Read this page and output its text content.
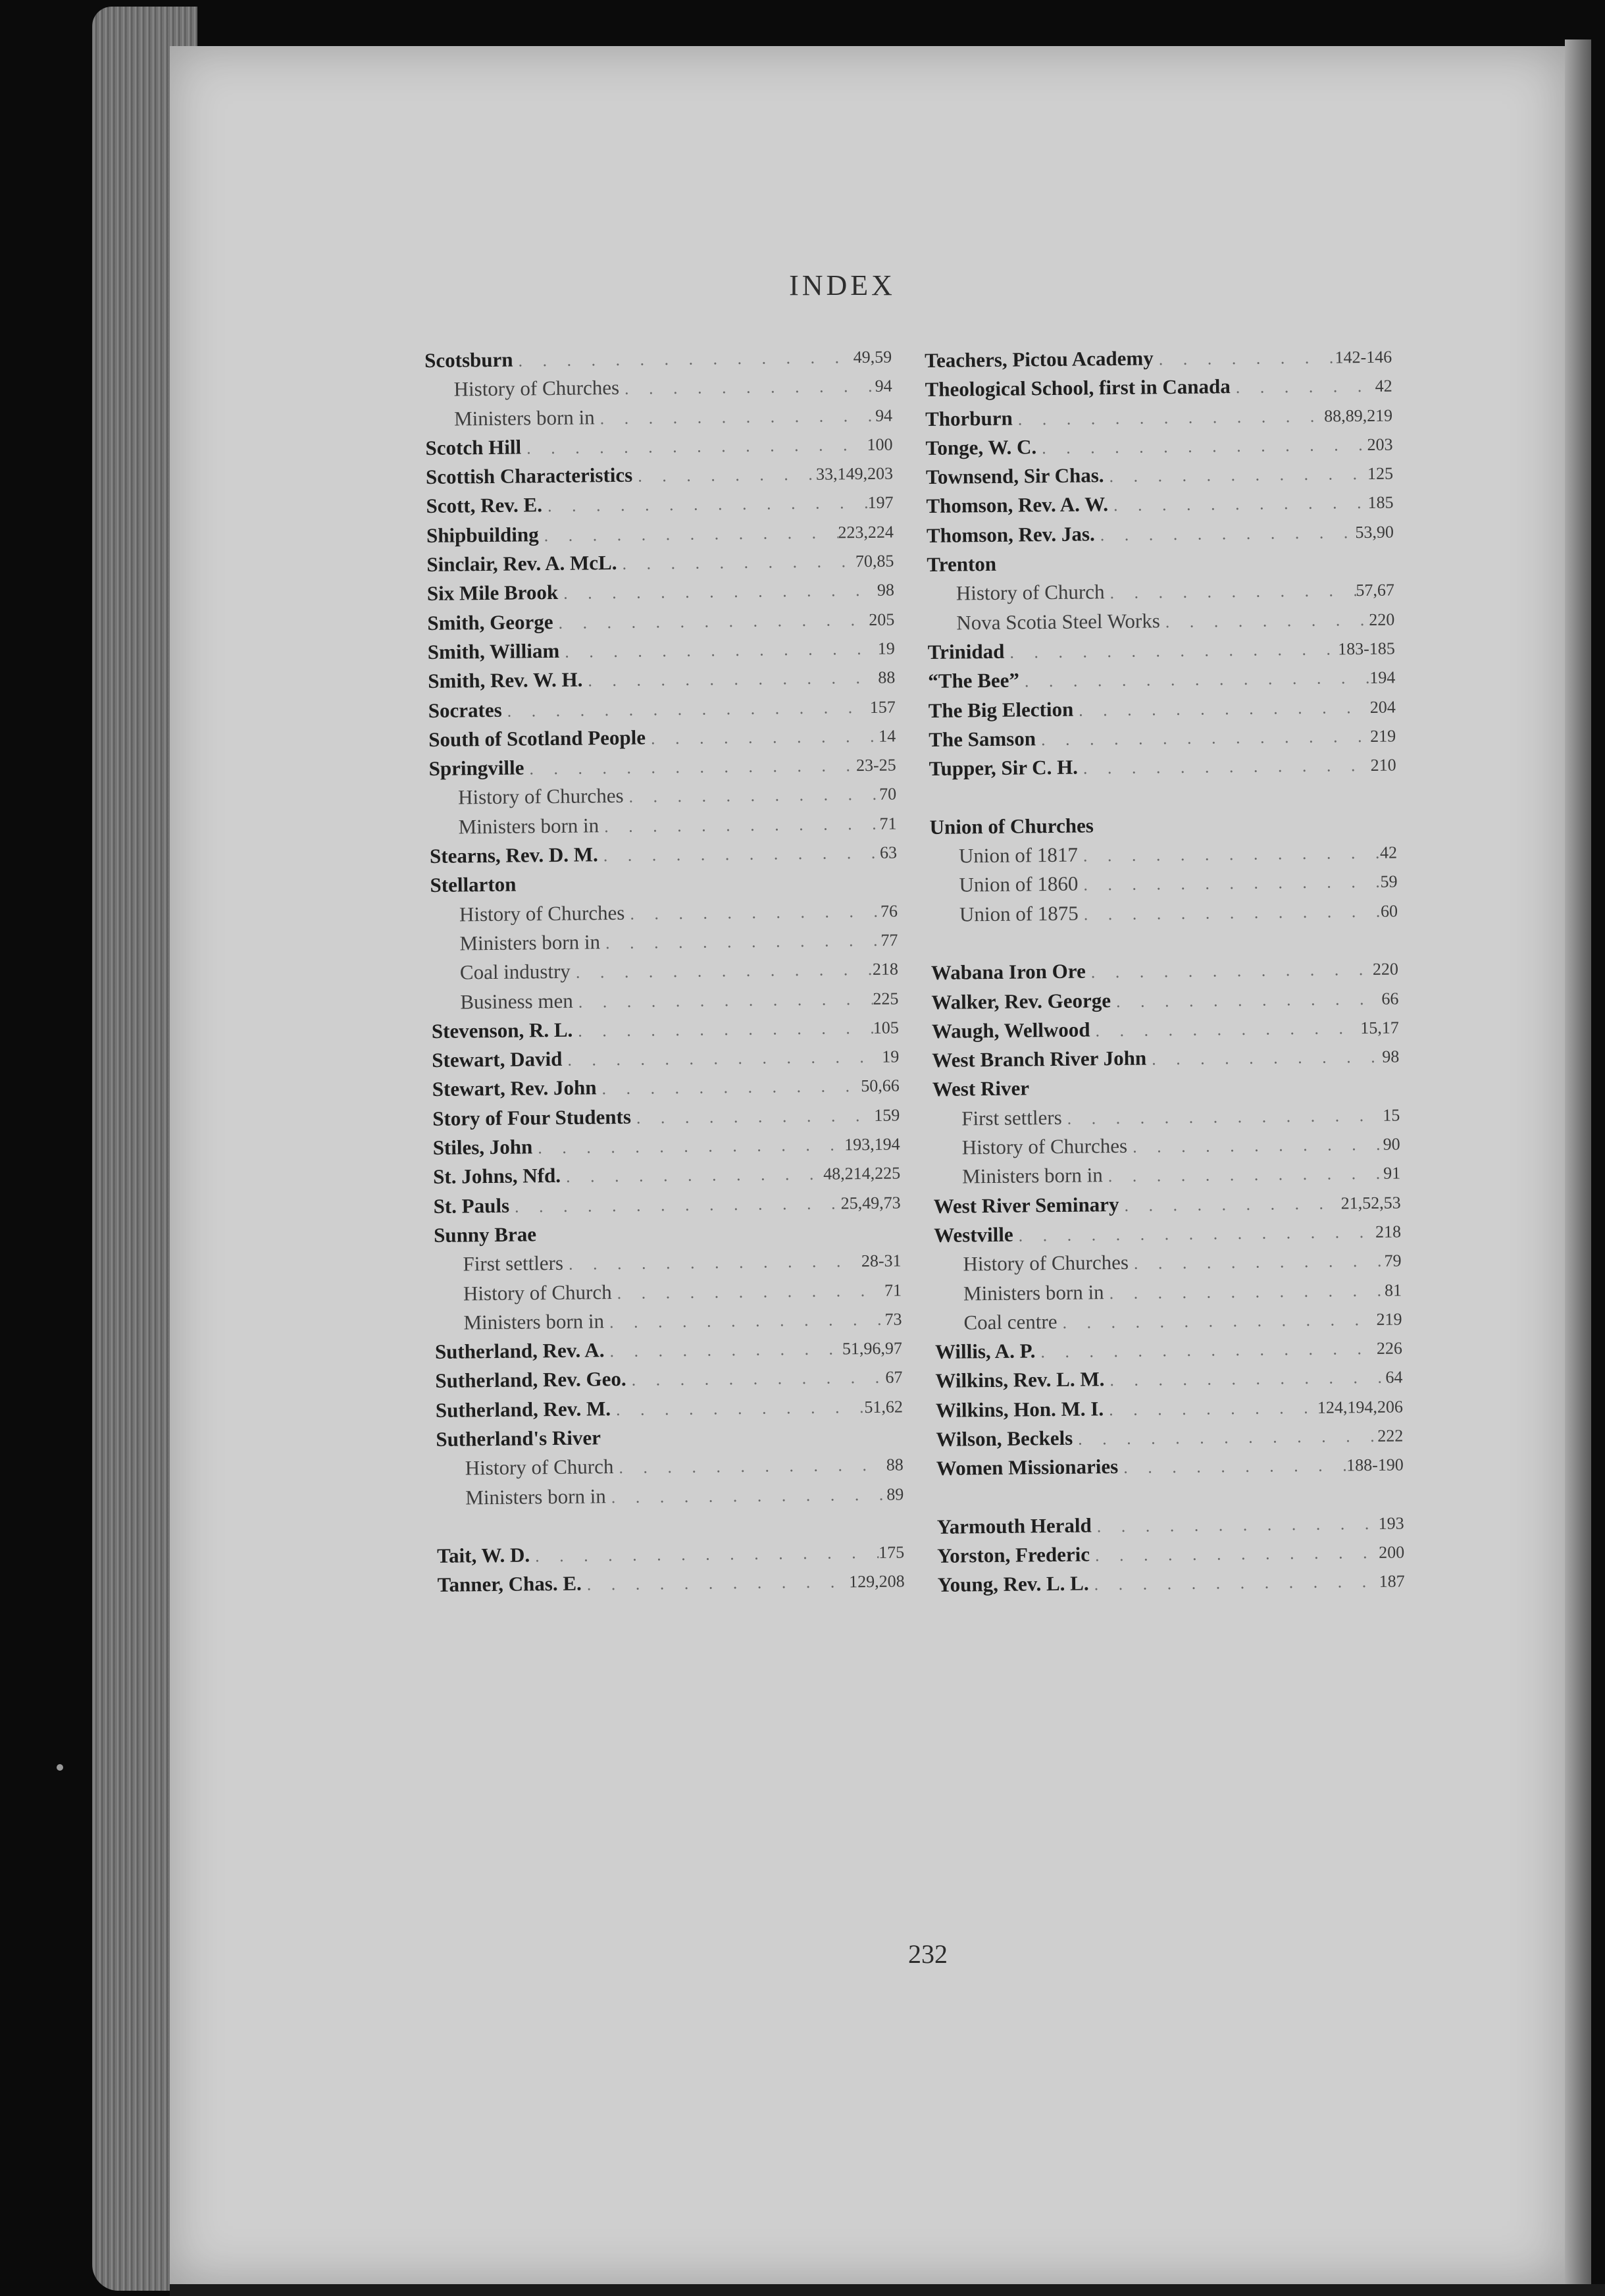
INDEX
Scotsburn . . .	49,59
History of Churches . . .	94
Ministers born in . . .	94
Scotch Hill . . .	100
Scottish Characteristics . . .	33,149,203
Scott, Rev. E. . . .	197
Shipbuilding . . .	223,224
Sinclair, Rev. A. McL. . . .	70,85
Six Mile Brook . . .	98
Smith, George . . .	205
Smith, William . . .	19
Smith, Rev. W. H. . . .	88
Socrates . . .	157
South of Scotland People . . .	14
Springville . . .	23-25
History of Churches . . .	70
Ministers born in . . .	71
Stearns, Rev. D. M. . . .	63
Stellarton
History of Churches . . .	76
Ministers born in . . .	77
Coal industry . . .	218
Business men . . .	225
Stevenson, R. L. . . .	105
Stewart, David . . .	19
Stewart, Rev. John . . .	50,66
Story of Four Students . . .	159
Stiles, John . . .	193,194
St. Johns, Nfd. . . .	48,214,225
St. Pauls . . .	25,49,73
Sunny Brae
First settlers . . .	28-31
History of Church . . .	71
Ministers born in . . .	73
Sutherland, Rev. A. . . .	51,96,97
Sutherland, Rev. Geo. . . .	67
Sutherland, Rev. M. . . .	51,62
Sutherland's River
History of Church . . .	88
Ministers born in . . .	89
Tait, W. D. . . .	175
Tanner, Chas. E. . . .	129,208
Teachers, Pictou Academy . . .	142-146
Theological School, first in Canada . . .	42
Thorburn . . .	88,89,219
Tonge, W. C. . . .	203
Townsend, Sir Chas. . . .	125
Thomson, Rev. A. W. . . .	185
Thomson, Rev. Jas. . . .	53,90
Trenton
History of Church . . .	57,67
Nova Scotia Steel Works . . .	220
Trinidad . . .	183-185
“The Bee” . . .	194
The Big Election . . .	204
The Samson . . .	219
Tupper, Sir C. H. . . .	210
Union of Churches
Union of 1817 . . .	42
Union of 1860 . . .	59
Union of 1875 . . .	60
Wabana Iron Ore . . .	220
Walker, Rev. George . . .	66
Waugh, Wellwood . . .	15,17
West Branch River John . . .	98
West River
First settlers . . .	15
History of Churches . . .	90
Ministers born in . . .	91
West River Seminary . . .	21,52,53
Westville . . .	218
History of Churches . . .	79
Ministers born in . . .	81
Coal centre . . .	219
Willis, A. P. . . .	226
Wilkins, Rev. L. M. . . .	64
Wilkins, Hon. M. I. . . .	124,194,206
Wilson, Beckels . . .	222
Women Missionaries . . .	188-190
Yarmouth Herald . . .	193
Yorston, Frederic . . .	200
Young, Rev. L. L. . . .	187
232
